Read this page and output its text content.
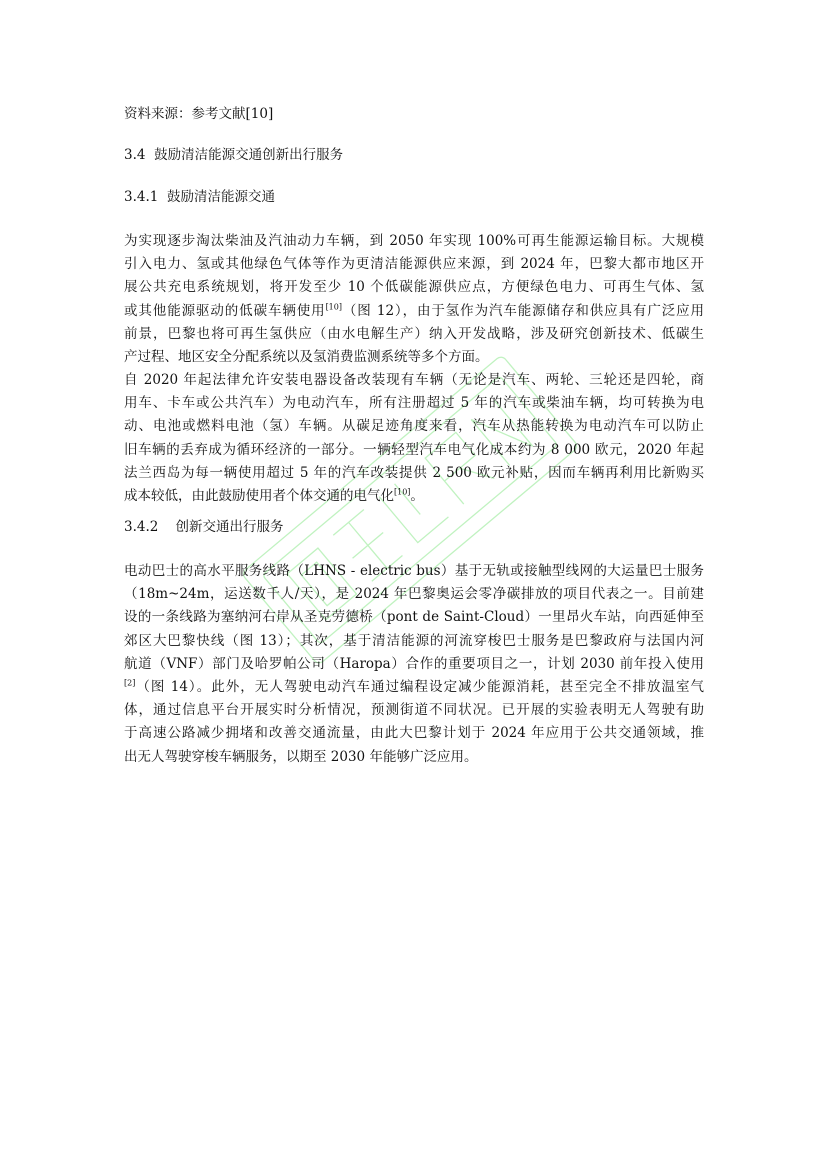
资料来源：参考文献[10]
3.4 鼓励清洁能源交通创新出行服务
3.4.1 鼓励清洁能源交通
为实现逐步淘汰柴油及汽油动力车辆，到 2050 年实现 100%可再生能源运输目标。大规模
引入电力、氢或其他绿色气体等作为更清洁能源供应来源，到 2024 年，巴黎大都市地区开
展公共充电系统规划，将开发至少 10 个低碳能源供应点，方便绿色电力、可再生气体、氢
或其他能源驱动的低碳车辆使用[10]（图 12），由于氢作为汽车能源储存和供应具有广泛应用
前景，巴黎也将可再生氢供应（由水电解生产）纳入开发战略，涉及研究创新技术、低碳生
产过程、地区安全分配系统以及氢消费监测系统等多个方面。
自 2020 年起法律允许安装电器设备改装现有车辆（无论是汽车、两轮、三轮还是四轮，商
用车、卡车或公共汽车）为电动汽车，所有注册超过 5 年的汽车或柴油车辆，均可转换为电
动、电池或燃料电池（氢）车辆。从碳足迹角度来看，汽车从热能转换为电动汽车可以防止
旧车辆的丢弃成为循环经济的一部分。一辆轻型汽车电气化成本约为 8 000 欧元，2020 年起
法兰西岛为每一辆使用超过 5 年的汽车改装提供 2 500 欧元补贴，因而车辆再利用比新购买
成本较低，由此鼓励使用者个体交通的电气化[10]。
3.4.2 创新交通出行服务
电动巴士的高水平服务线路（LHNS - electric bus）基于无轨或接触型线网的大运量巴士服务
（18m~24m，运送数千人/天），是 2024 年巴黎奥运会零净碳排放的项目代表之一。目前建
设的一条线路为塞纳河右岸从圣克劳德桥（pont de Saint-Cloud）一里昂火车站，向西延伸至
郊区大巴黎快线（图 13）；其次，基于清洁能源的河流穿梭巴士服务是巴黎政府与法国内河
航道（VNF）部门及哈罗帕公司（Haropa）合作的重要项目之一，计划 2030 前年投入使用
[2]（图 14）。此外，无人驾驶电动汽车通过编程设定减少能源消耗，甚至完全不排放温室气
体，通过信息平台开展实时分析情况，预测街道不同状况。已开展的实验表明无人驾驶有助
于高速公路减少拥堵和改善交通流量，由此大巴黎计划于 2024 年应用于公共交通领域，推
出无人驾驶穿梭车辆服务，以期至 2030 年能够广泛应用。
